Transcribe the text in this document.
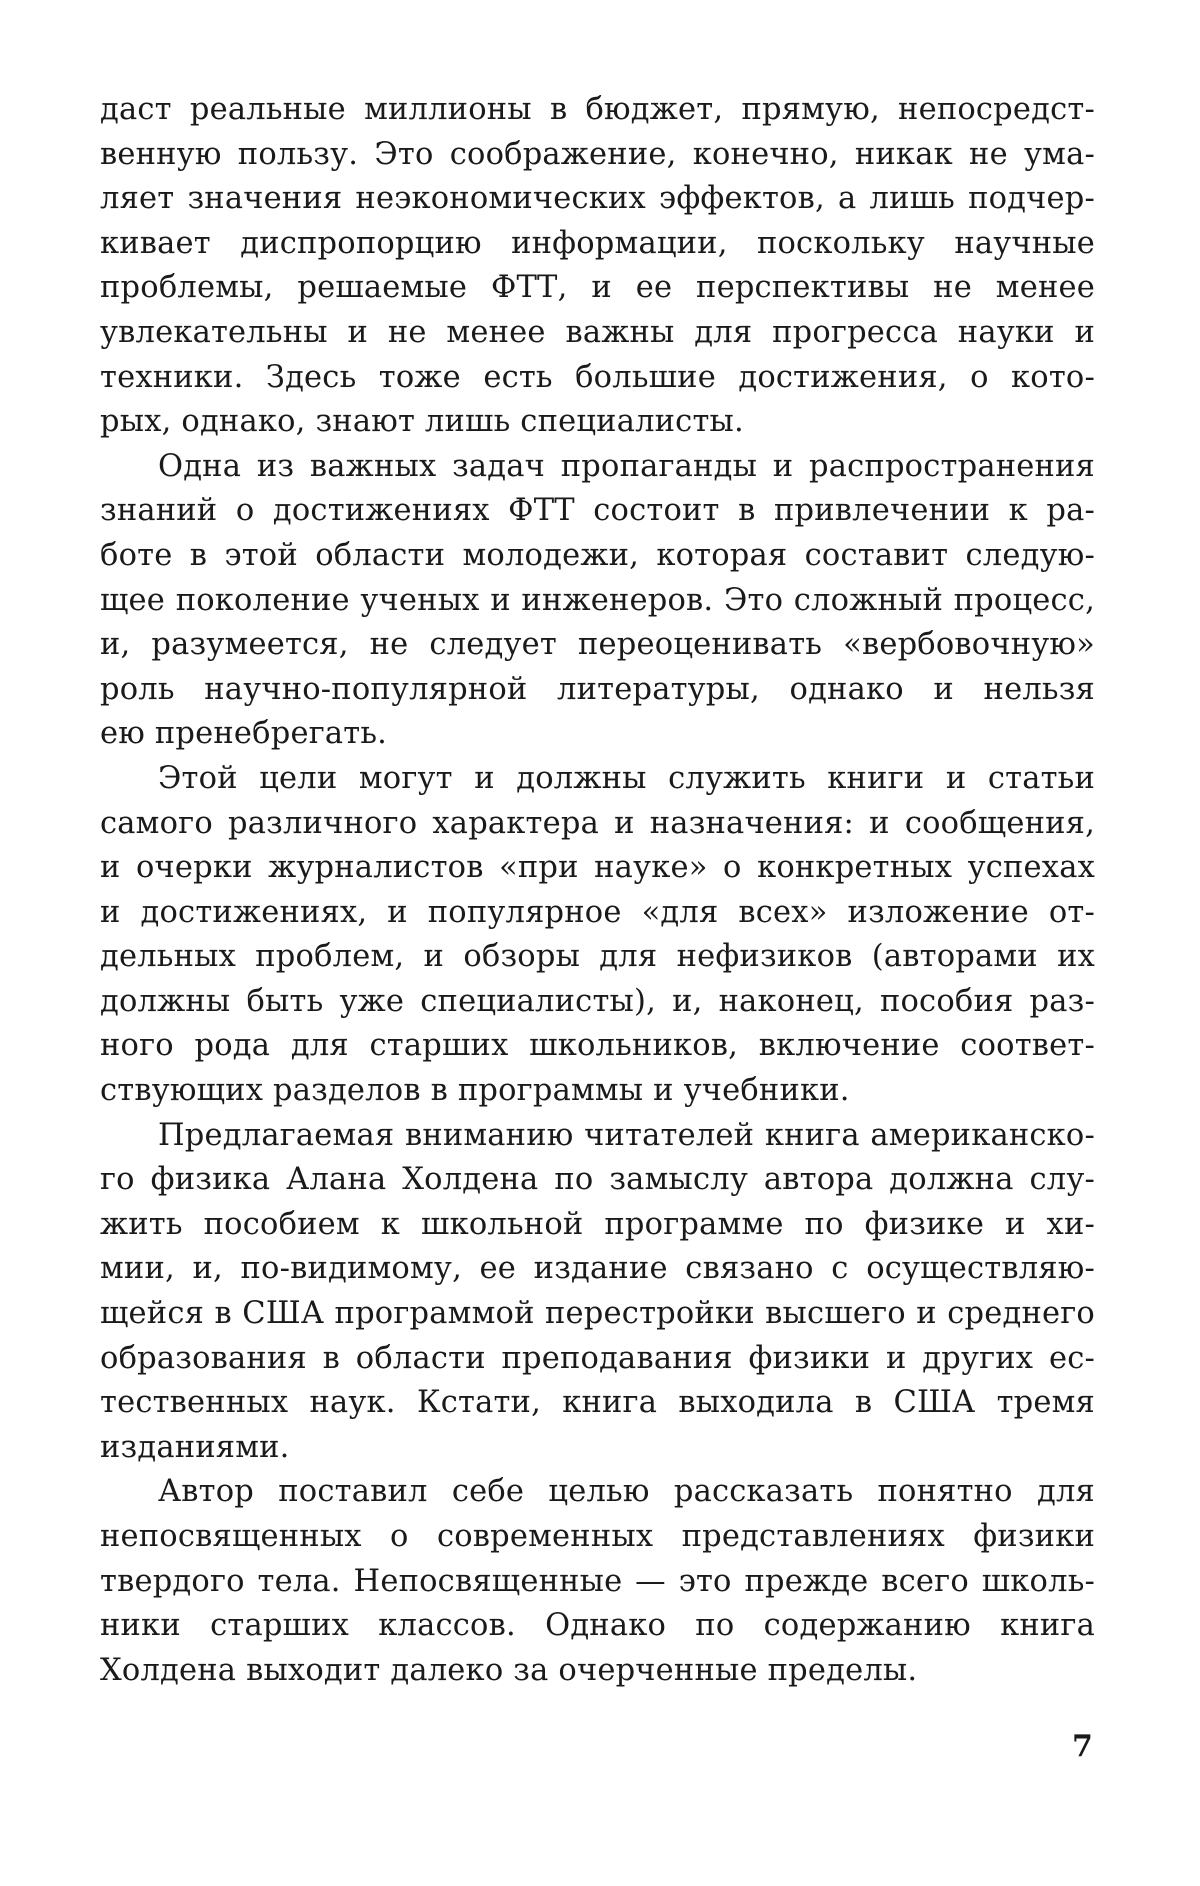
даст реальные миллионы в бюджет, прямую, непосредст-
венную пользу. Это соображение, конечно, никак не ума-
ляет значения неэкономических эффектов, а лишь подчер-
кивает диспропорцию информации, поскольку научные
проблемы, решаемые ФТТ, и ее перспективы не менее
увлекательны и не менее важны для прогресса науки и
техники. Здесь тоже есть большие достижения, о кото-
рых, однако, знают лишь специалисты.
Одна из важных задач пропаганды и распространения
знаний о достижениях ФТТ состоит в привлечении к ра-
боте в этой области молодежи, которая составит следую-
щее поколение ученых и инженеров. Это сложный процесс,
и, разумеется, не следует переоценивать «вербовочную»
роль научно-популярной литературы, однако и нельзя
ею пренебрегать.
Этой цели могут и должны служить книги и статьи
самого различного характера и назначения: и сообщения,
и очерки журналистов «при науке» о конкретных успехах
и достижениях, и популярное «для всех» изложение от-
дельных проблем, и обзоры для нефизиков (авторами их
должны быть уже специалисты), и, наконец, пособия раз-
ного рода для старших школьников, включение соответ-
ствующих разделов в программы и учебники.
Предлагаемая вниманию читателей книга американско-
го физика Алана Холдена по замыслу автора должна слу-
жить пособием к школьной программе по физике и хи-
мии, и, по-видимому, ее издание связано с осуществляю-
щейся в США программой перестройки высшего и среднего
образования в области преподавания физики и других ес-
тественных наук. Кстати, книга выходила в США тремя
изданиями.
Автор поставил себе целью рассказать понятно для
непосвященных о современных представлениях физики
твердого тела. Непосвященные — это прежде всего школь-
ники старших классов. Однако по содержанию книга
Холдена выходит далеко за очерченные пределы.
7
